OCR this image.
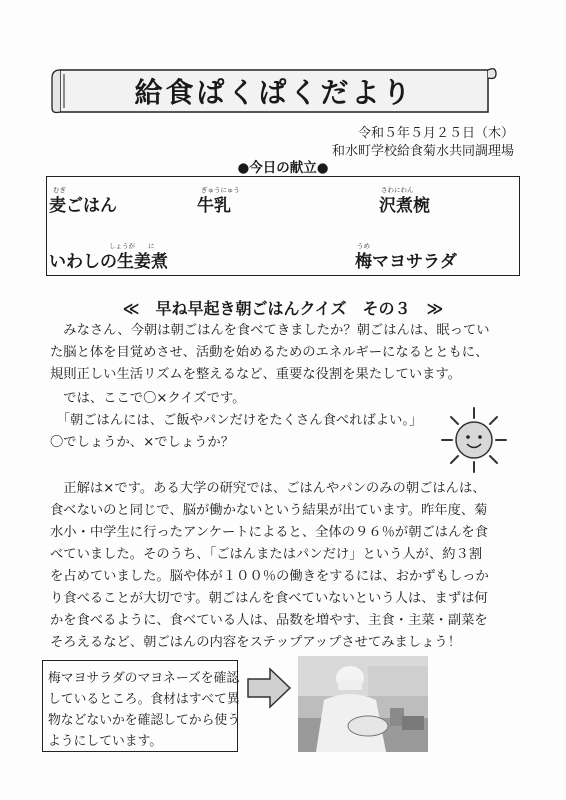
給食ぱくぱくだより
令和５年５月２５日（木）
和水町学校給食菊水共同調理場
●今日の献立●
むぎ
麦ごはん
ぎゅうにゅう
牛乳
さわにわん
沢煮椀
しょうが　　に
いわしの生姜煮
うめ
梅マヨサラダ
≪　早ね早起き朝ごはんクイズ　その３　≫
　みなさん、今朝は朝ごはんを食べてきましたか？朝ごはんは、眠ってい
た脳と体を目覚めさせ、活動を始めるためのエネルギーになるとともに、
規則正しい生活リズムを整えるなど、重要な役割を果たしています。
　では、ここで〇×クイズです。
　「朝ごはんには、ご飯やパンだけをたくさん食べればよい。」
〇でしょうか、×でしょうか？
　正解は×です。ある大学の研究では、ごはんやパンのみの朝ごはんは、
食べないのと同じで、脳が働かないという結果が出ています。昨年度、菊
水小・中学生に行ったアンケートによると、全体の９６％が朝ごはんを食
べていました。そのうち、「ごはんまたはパンだけ」という人が、約３割
を占めていました。脳や体が１００％の働きをするには、おかずもしっか
り食べることが大切です。朝ごはんを食べていないという人は、まずは何
かを食べるように、食べている人は、品数を増やす、主食・主菜・副菜を
そろえるなど、朝ごはんの内容をステップアップさせてみましょう！
梅マヨサラダのマヨネーズを確認
しているところ。食材はすべて異
物などないかを確認してから使う
ようにしています。
